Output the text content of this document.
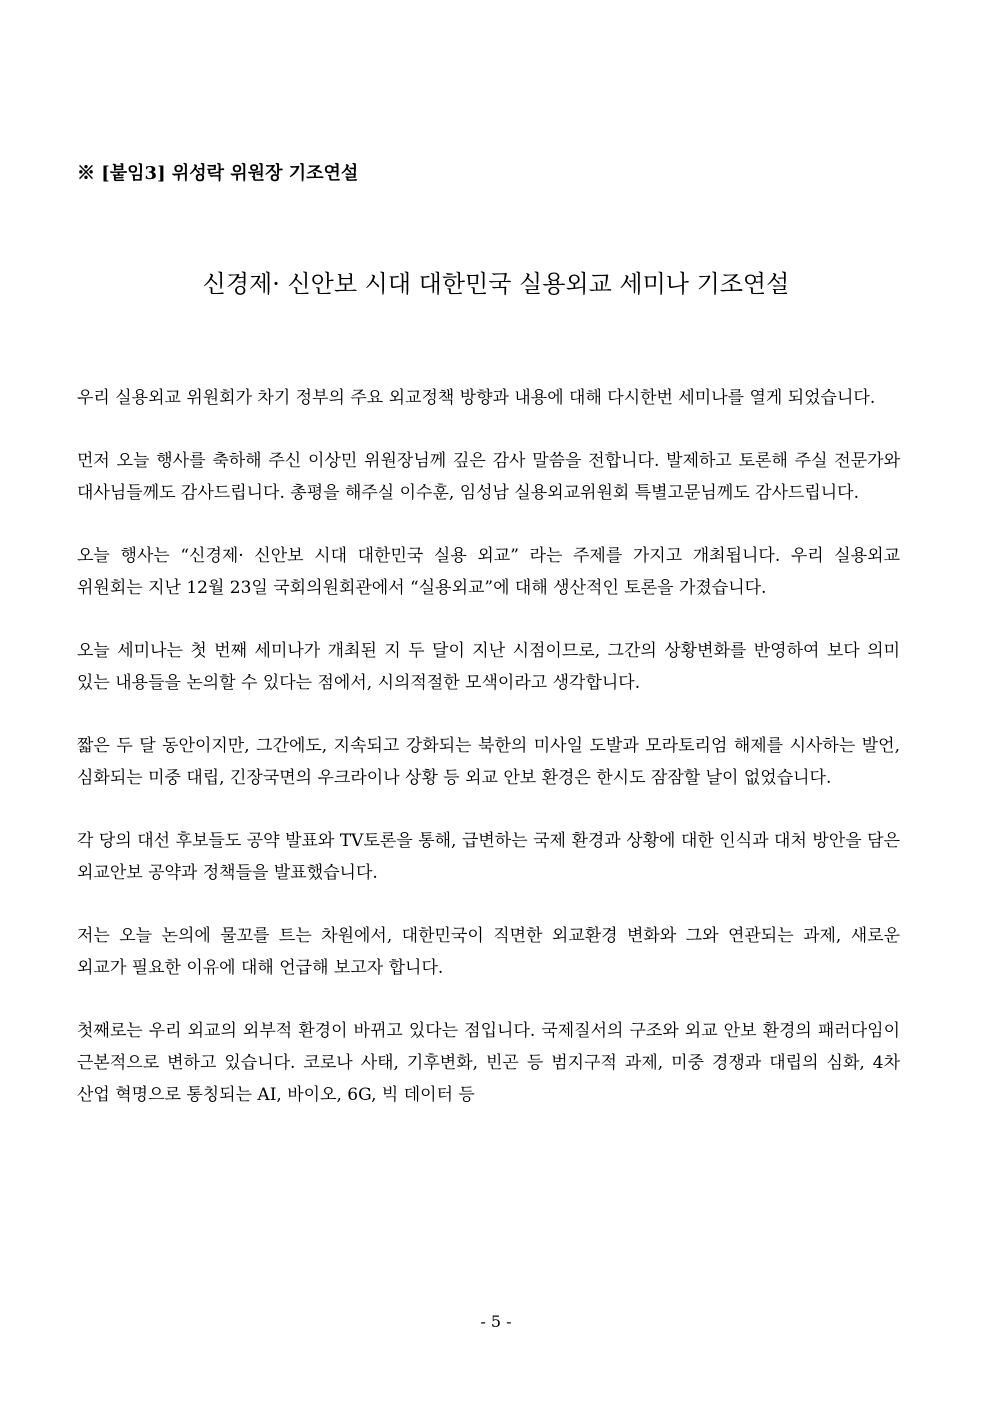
※ [붙임3] 위성락 위원장 기조연설
신경제· 신안보 시대 대한민국 실용외교 세미나 기조연설

우리 실용외교 위원회가 차기 정부의 주요 외교정책 방향과 내용에 대해 다시한번 세미나를 열게 되었습니다.

먼저 오늘 행사를 축하해 주신 이상민 위원장님께 깊은 감사 말씀을 전합니다. 발제하고 토론해 주실 전문가와 대사님들께도 감사드립니다. 총평을 해주실 이수훈, 임성남 실용외교위원회 특별고문님께도 감사드립니다.

오늘 행사는 “신경제· 신안보 시대 대한민국 실용 외교” 라는 주제를 가지고 개최됩니다. 우리 실용외교 위원회는 지난 12월 23일 국회의원회관에서 “실용외교”에 대해 생산적인 토론을 가졌습니다.

오늘 세미나는 첫 번째 세미나가 개최된 지 두 달이 지난 시점이므로, 그간의 상황변화를 반영하여 보다 의미 있는 내용들을 논의할 수 있다는 점에서, 시의적절한 모색이라고 생각합니다.

짧은 두 달 동안이지만, 그간에도, 지속되고 강화되는 북한의 미사일 도발과 모라토리엄 해제를 시사하는 발언, 심화되는 미중 대립, 긴장국면의 우크라이나 상황 등 외교 안보 환경은 한시도 잠잠할 날이 없었습니다.

각 당의 대선 후보들도 공약 발표와 TV토론을 통해, 급변하는 국제 환경과 상황에 대한 인식과 대처 방안을 담은 외교안보 공약과 정책들을 발표했습니다.

저는 오늘 논의에 물꼬를 트는 차원에서, 대한민국이 직면한 외교환경 변화와 그와 연관되는 과제, 새로운 외교가 필요한 이유에 대해 언급해 보고자 합니다.

첫째로는 우리 외교의 외부적 환경이 바뀌고 있다는 점입니다. 국제질서의 구조와 외교 안보 환경의 패러다임이 근본적으로 변하고 있습니다. 코로나 사태, 기후변화, 빈곤 등 범지구적 과제, 미중 경쟁과 대립의 심화, 4차 산업 혁명으로 통칭되는 AI, 바이오, 6G, 빅 데이터 등

- 5 -
